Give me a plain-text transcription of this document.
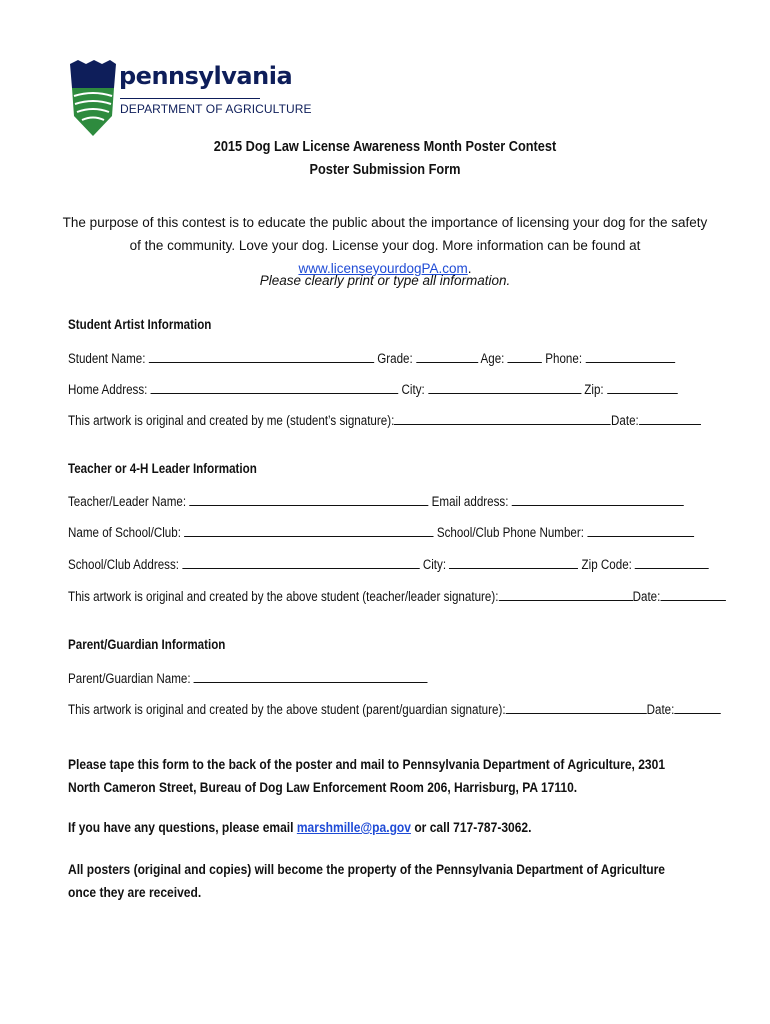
pennsylvania
DEPARTMENT OF AGRICULTURE
2015 Dog Law License Awareness Month Poster Contest
Poster Submission Form
The purpose of this contest is to educate the public about the importance of licensing your dog for the safety of the community. Love your dog. License your dog. More information can be found at www.licenseyourdogPA.com.
Please clearly print or type all information.
Student Artist Information
Student Name:	Grade:	Age:	Phone:
Home Address:	City:	Zip:
This artwork is original and created by me (student’s signature):	Date:
Teacher or 4-H Leader Information
Teacher/Leader Name:	Email address:
Name of School/Club:	School/Club Phone Number:
School/Club Address:	City:	Zip Code:
This artwork is original and created by the above student (teacher/leader signature):	Date:
Parent/Guardian Information
Parent/Guardian Name:
This artwork is original and created by the above student (parent/guardian signature):	Date:
Please tape this form to the back of the poster and mail to Pennsylvania Department of Agriculture, 2301 North Cameron Street, Bureau of Dog Law Enforcement Room 206, Harrisburg, PA 17110.
If you have any questions, please email marshmille@pa.gov or call 717-787-3062.
All posters (original and copies) will become the property of the Pennsylvania Department of Agriculture once they are received.
